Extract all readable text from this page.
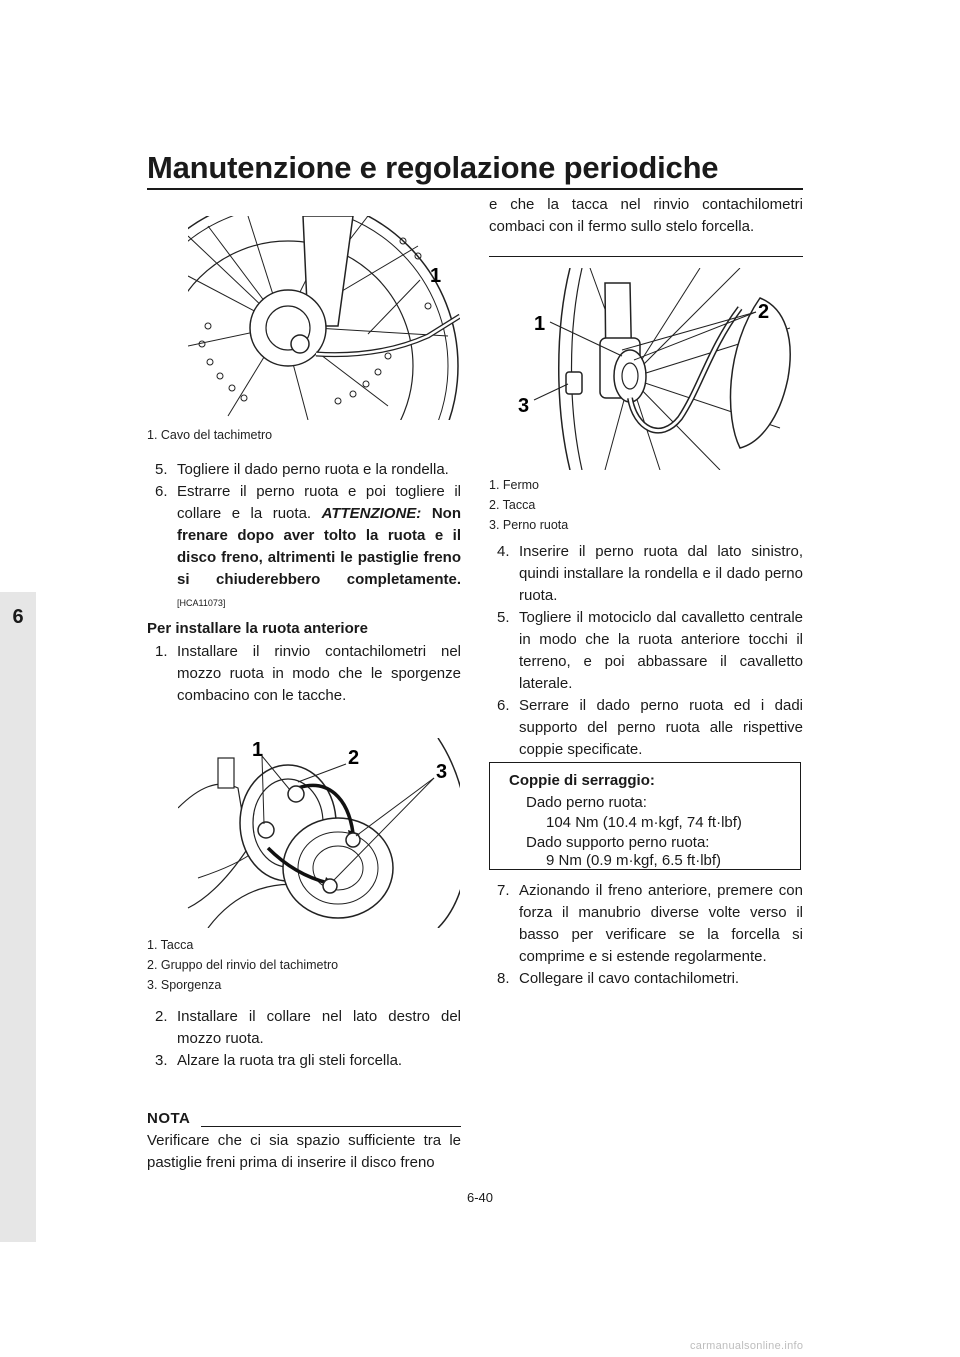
Manutenzione e regolazione periodiche
6
1
1. Cavo del tachimetro
5. Togliere il dado perno ruota e la rondella.
6. Estrarre il perno ruota e poi togliere il collare e la ruota. ATTENZIONE: Non frenare dopo aver tolto la ruota e il disco freno, altrimenti le pastiglie freno si chiuderebbero completamente.[HCA11073]
Per installare la ruota anteriore
1. Installare il rinvio contachilometri nel mozzo ruota in modo che le sporgenze combacino con le tacche.
1	2
3
1. Tacca
2. Gruppo del rinvio del tachimetro
3. Sporgenza
2. Installare il collare nel lato destro del mozzo ruota.
3. Alzare la ruota tra gli steli forcella.
NOTA
Verificare che ci sia spazio sufficiente tra le pastiglie freni prima di inserire il disco freno
e che la tacca nel rinvio contachilometri combaci con il fermo sullo stelo forcella.
1
2
3
1. Fermo
2. Tacca
3. Perno ruota
4. Inserire il perno ruota dal lato sinistro, quindi installare la rondella e il dado perno ruota.
5. Togliere il motociclo dal cavalletto centrale in modo che la ruota anteriore tocchi il terreno, e poi abbassare il cavalletto laterale.
6. Serrare il dado perno ruota ed i dadi supporto del perno ruota alle rispettive coppie specificate.
Coppie di serraggio:
Dado perno ruota:
104 Nm (10.4 m·kgf, 74 ft·lbf)
Dado supporto perno ruota:
9 Nm (0.9 m·kgf, 6.5 ft·lbf)
7. Azionando il freno anteriore, premere con forza il manubrio diverse volte verso il basso per verificare se la forcella si comprime e si estende regolarmente.
8. Collegare il cavo contachilometri.
6-40
carmanualsonline.info
